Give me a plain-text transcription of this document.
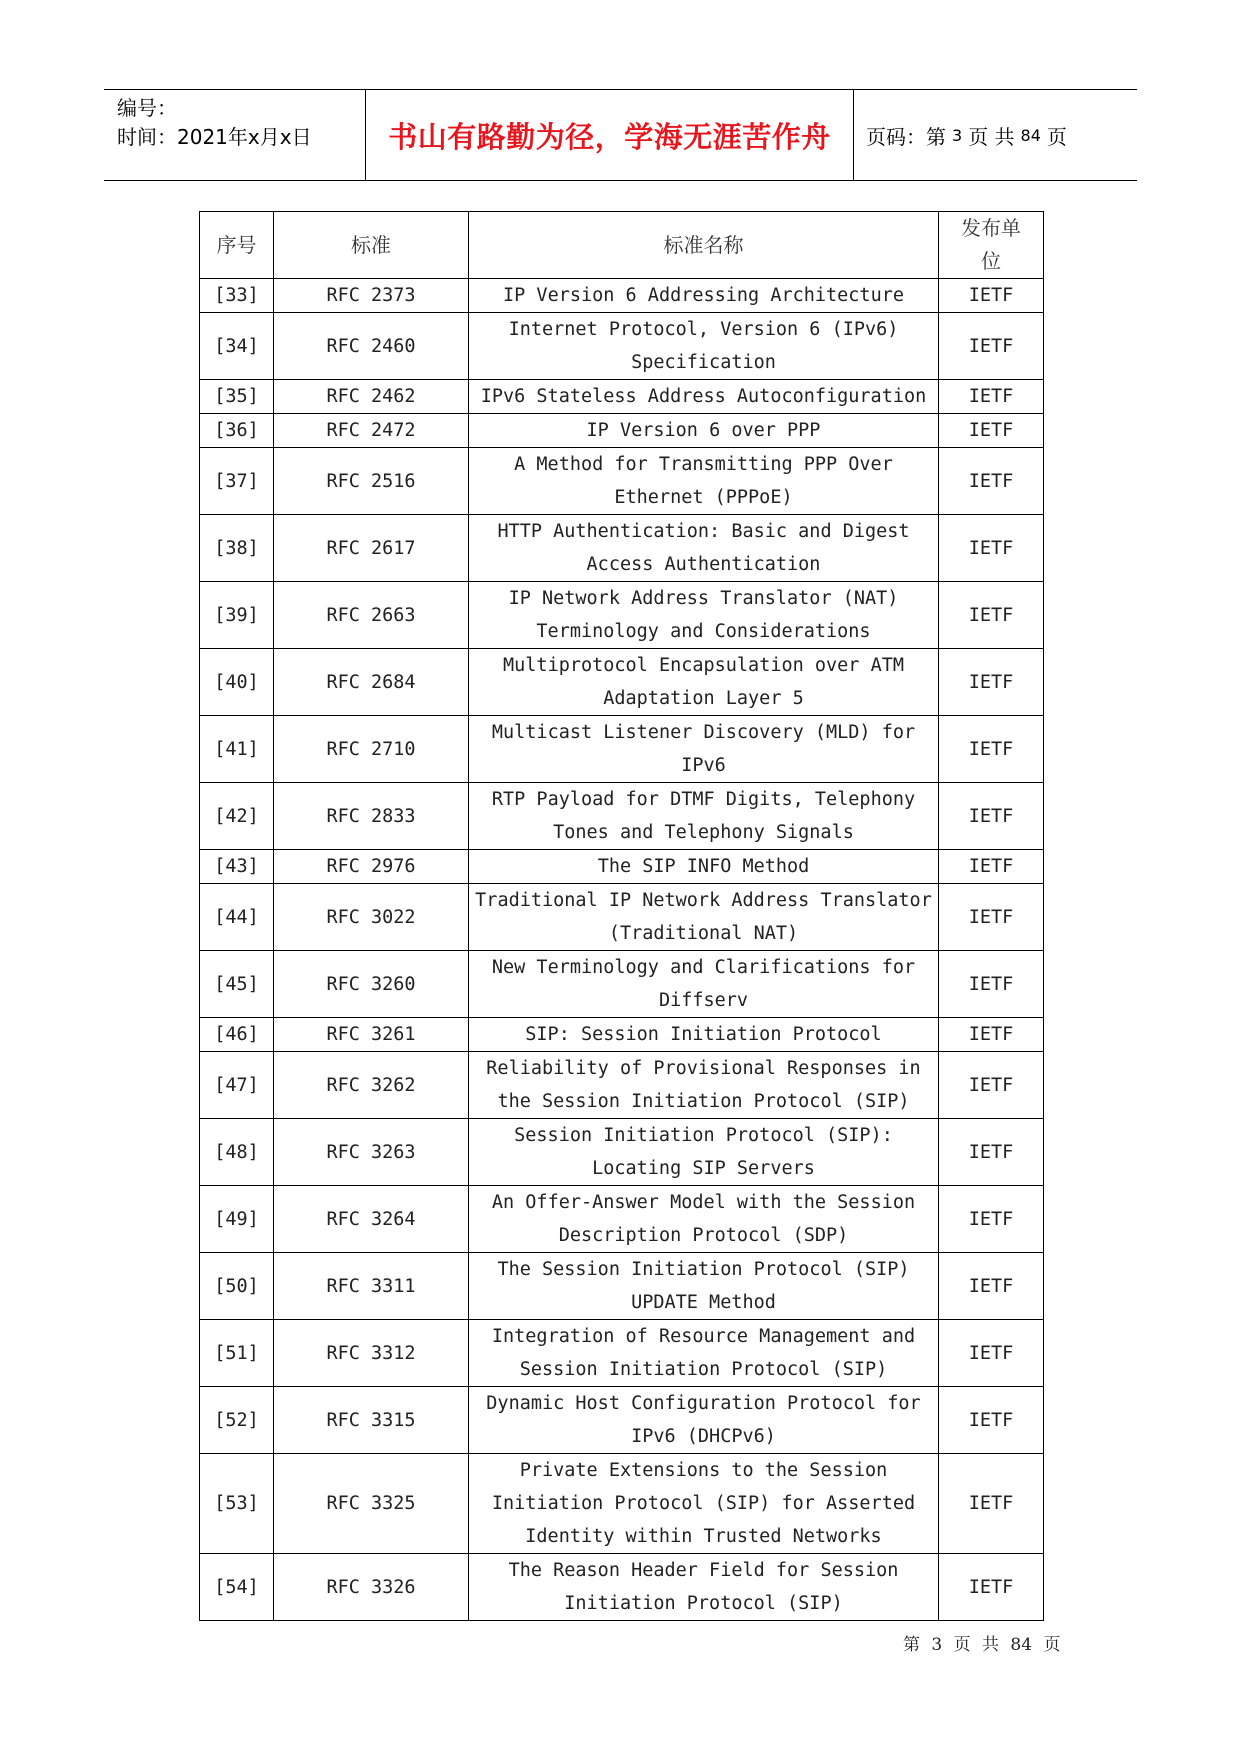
编号：
时间：2021年x月x日	书山有路勤为径，学海无涯苦作舟 页码：第 3 页 共 84 页
序号	标准	标准名称	发布单位
[33]	RFC 2373	IP Version 6 Addressing Architecture	IETF
[34]	RFC 2460	Internet Protocol, Version 6 (IPv6) Specification	IETF
[35]	RFC 2462	IPv6 Stateless Address Autoconfiguration	IETF
[36]	RFC 2472	IP Version 6 over PPP	IETF
[37]	RFC 2516	A Method for Transmitting PPP Over Ethernet (PPPoE)	IETF
[38]	RFC 2617	HTTP Authentication: Basic and Digest Access Authentication	IETF
[39]	RFC 2663	IP Network Address Translator (NAT) Terminology and Considerations	IETF
[40]	RFC 2684	Multiprotocol Encapsulation over ATM Adaptation Layer 5	IETF
[41]	RFC 2710	Multicast Listener Discovery (MLD) for IPv6	IETF
[42]	RFC 2833	RTP Payload for DTMF Digits, Telephony Tones and Telephony Signals	IETF
[43]	RFC 2976	The SIP INFO Method	IETF
[44]	RFC 3022	Traditional IP Network Address Translator (Traditional NAT)	IETF
[45]	RFC 3260	New Terminology and Clarifications for Diffserv	IETF
[46]	RFC 3261	SIP: Session Initiation Protocol	IETF
[47]	RFC 3262	Reliability of Provisional Responses in the Session Initiation Protocol (SIP)	IETF
[48]	RFC 3263	Session Initiation Protocol (SIP): Locating SIP Servers	IETF
[49]	RFC 3264	An Offer-Answer Model with the Session Description Protocol (SDP)	IETF
[50]	RFC 3311	The Session Initiation Protocol (SIP) UPDATE Method	IETF
[51]	RFC 3312	Integration of Resource Management and Session Initiation Protocol (SIP)	IETF
[52]	RFC 3315	Dynamic Host Configuration Protocol for IPv6 (DHCPv6)	IETF
[53]	RFC 3325	Private Extensions to the Session Initiation Protocol (SIP) for Asserted Identity within Trusted Networks	IETF
[54]	RFC 3326	The Reason Header Field for Session Initiation Protocol (SIP)	IETF
第 3 页 共 84 页
